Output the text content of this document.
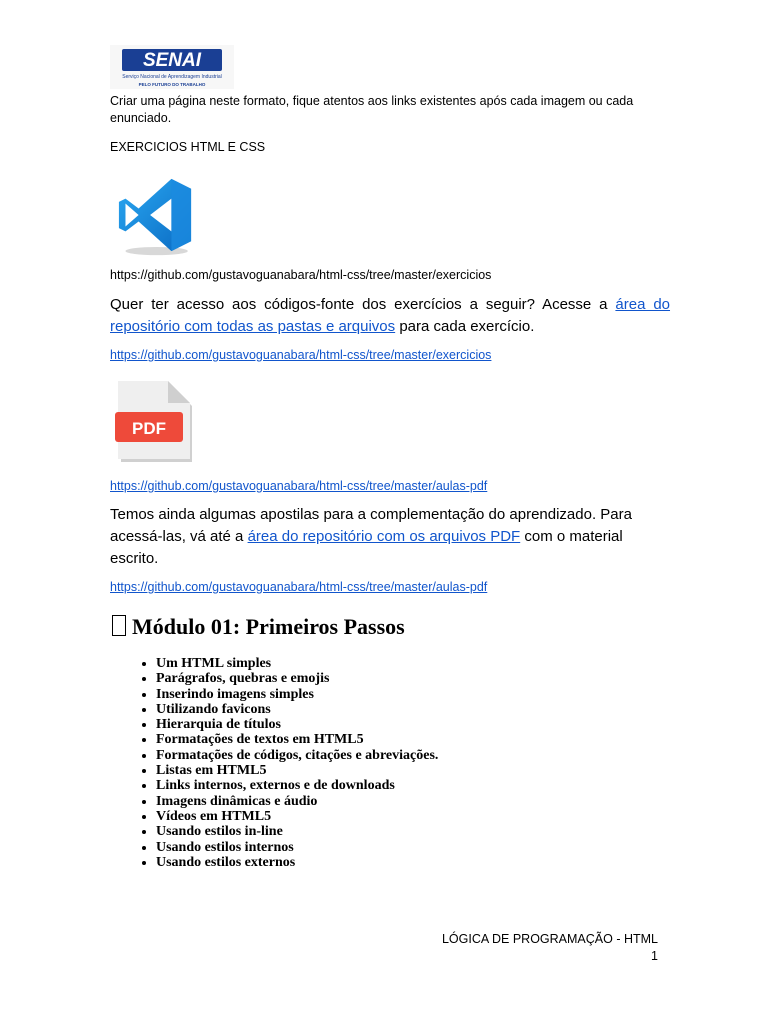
SENAI
Serviço Nacional de Aprendizagem Industrial
PELO FUTURO DO TRABALHO
Criar uma página neste formato, fique atentos aos links existentes após cada imagem ou cada enunciado.
EXERCICIOS HTML E CSS
https://github.com/gustavoguanabara/html-css/tree/master/exercicios
Quer ter acesso aos códigos-fonte dos exercícios a seguir? Acesse a área do repositório com todas as pastas e arquivos para cada exercício.
https://github.com/gustavoguanabara/html-css/tree/master/exercicios
PDF
https://github.com/gustavoguanabara/html-css/tree/master/aulas-pdf
Temos ainda algumas apostilas para a complementação do aprendizado. Para acessá-las, vá até a área do repositório com os arquivos PDF com o material escrito.
https://github.com/gustavoguanabara/html-css/tree/master/aulas-pdf
Módulo 01: Primeiros Passos
• Um HTML simples
• Parágrafos, quebras e emojis
• Inserindo imagens simples
• Utilizando favicons
• Hierarquia de títulos
• Formatações de textos em HTML5
• Formatações de códigos, citações e abreviações.
• Listas em HTML5
• Links internos, externos e de downloads
• Imagens dinâmicas e áudio
• Vídeos em HTML5
• Usando estilos in-line
• Usando estilos internos
• Usando estilos externos
LÓGICA DE PROGRAMAÇÃO - HTML
1
